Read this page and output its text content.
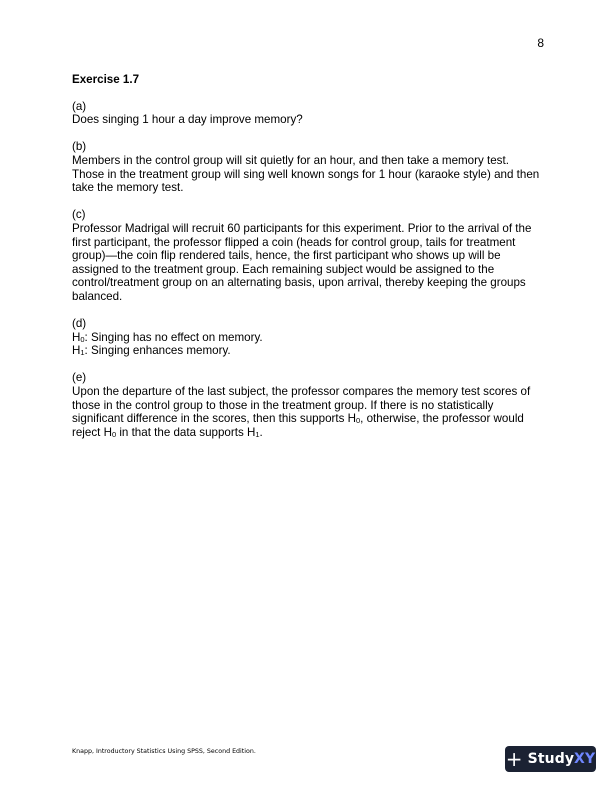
8

Exercise 1.7

(a)

Does singing 1 hour a day improve memory?

(b)

Members in the control group will sit quietly for an hour, and then take a memory test. Those in the treatment group will sing well known songs for 1 hour (karaoke style) and then take the memory test.

(c)

Professor Madrigal will recruit 60 participants for this experiment. Prior to the arrival of the first participant, the professor flipped a coin (heads for control group, tails for treatment group)—the coin flip rendered tails, hence, the first participant who shows up will be assigned to the treatment group. Each remaining subject would be assigned to the control/treatment group on an alternating basis, upon arrival, thereby keeping the groups balanced.

(d)

H0: Singing has no effect on memory.

H1: Singing enhances memory.

(e)

Upon the departure of the last subject, the professor compares the memory test scores of those in the control group to those in the treatment group. If there is no statistically significant difference in the scores, then this supports H0, otherwise, the professor would reject H0 in that the data supports H1.

Knapp, Introductory Statistics Using SPSS, Second Edition.	+ Study XY
